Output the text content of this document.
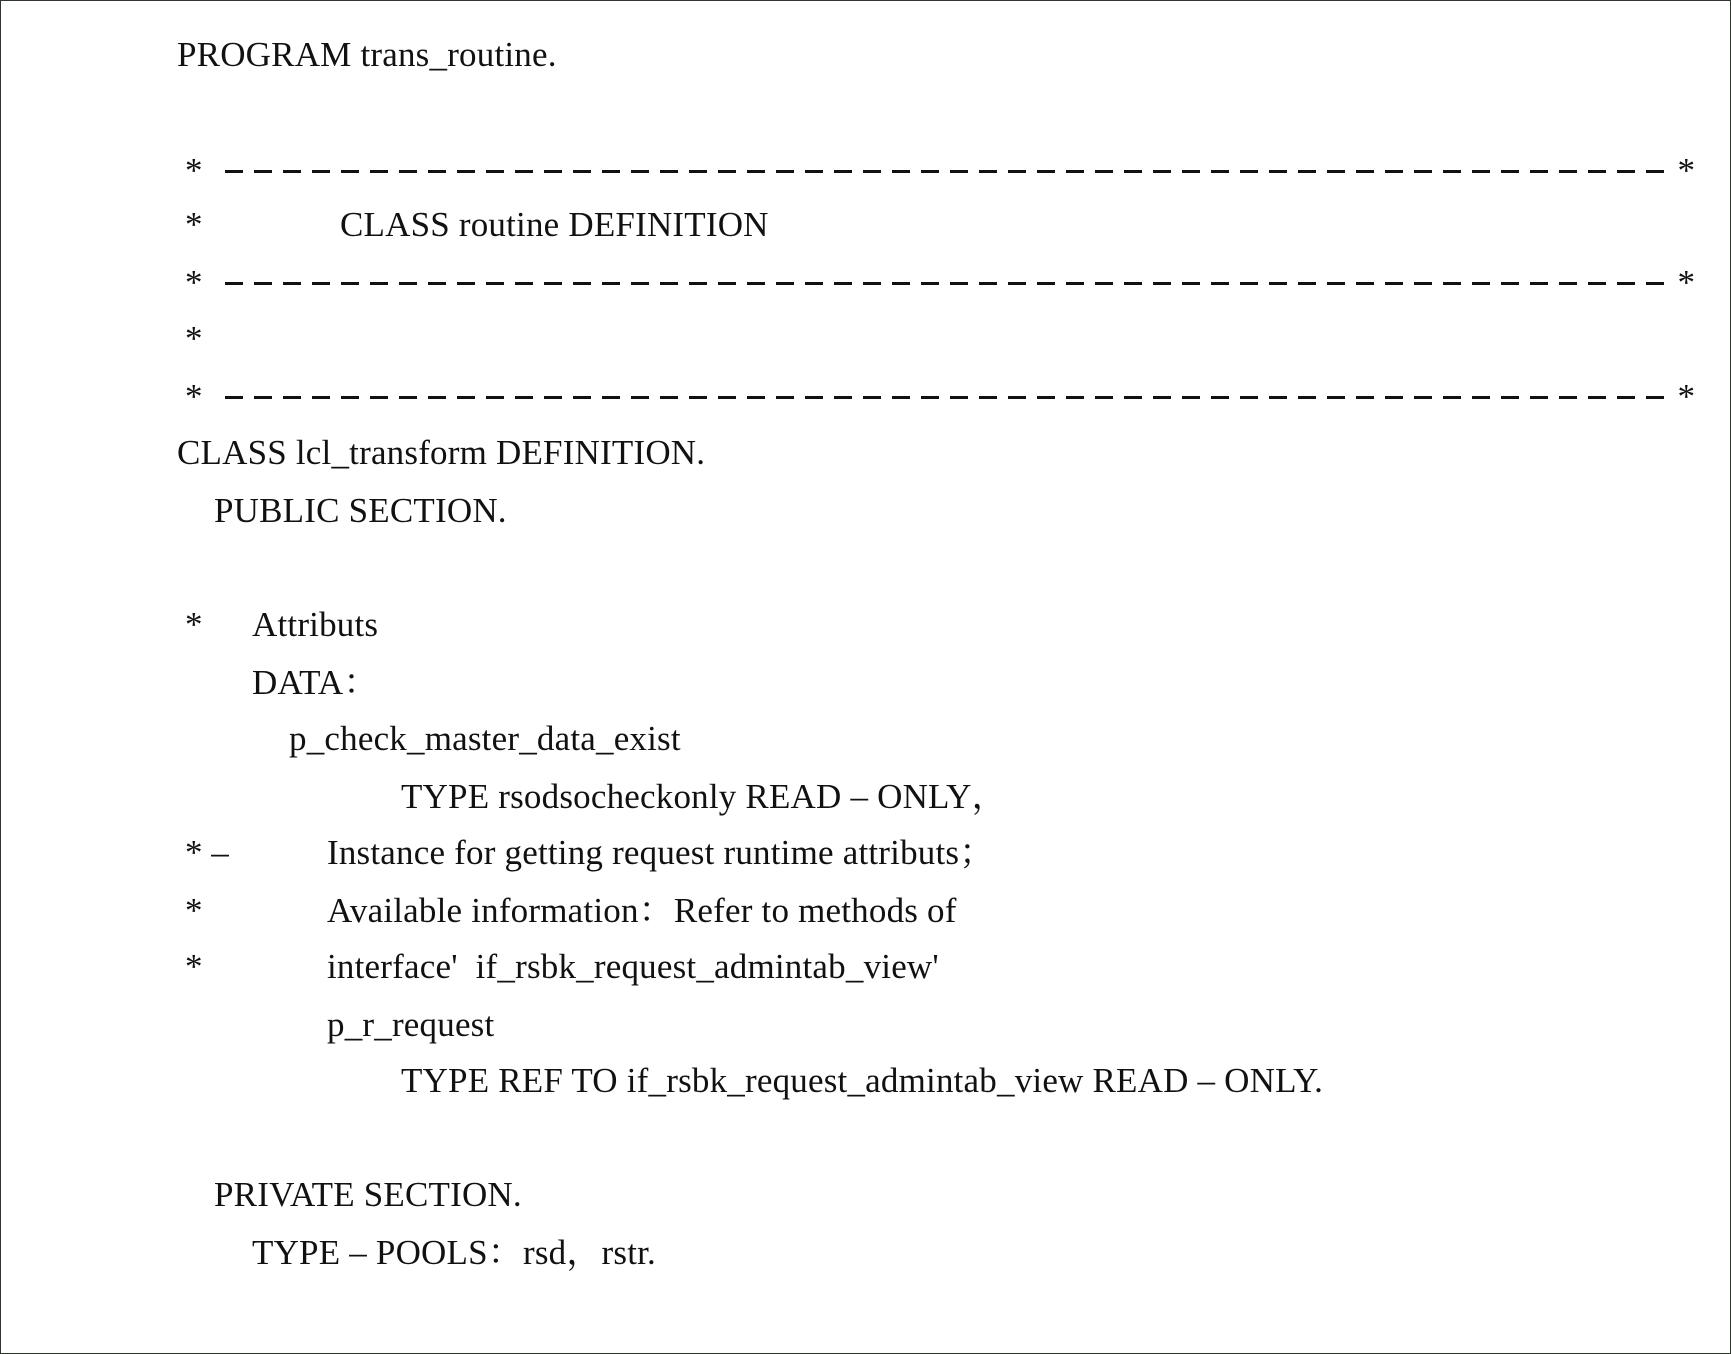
PROGRAM trans_routine.
*	*
*	CLASS routine DEFINITION
*	*
*
*	*
CLASS lcl_transform DEFINITION.
PUBLIC SECTION.
* Attributs
DATA：
p_check_master_data_exist
TYPE rsodsocheckonly READ – ONLY，
* –	Instance for getting request runtime attributs；
*	Available information：Refer to methods of
*	interface'  if_rsbk_request_admintab_view'
p_r_request
TYPE REF TO if_rsbk_request_admintab_view READ – ONLY.
PRIVATE SECTION.
TYPE – POOLS：rsd，rstr.
